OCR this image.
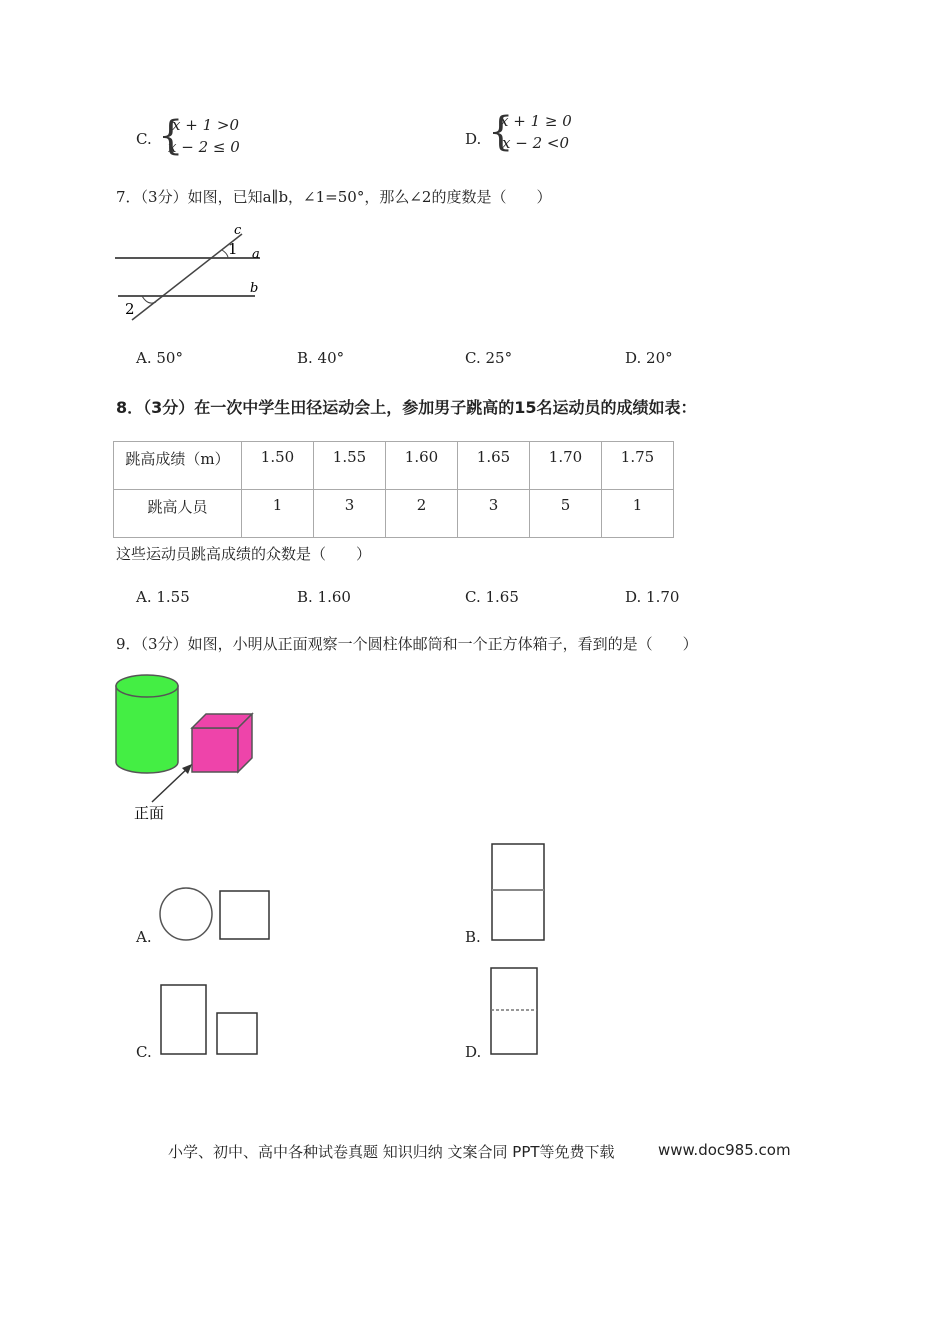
C. {
x + 1 >0
x − 2 ≤ 0	D. {
x + 1 ≥ 0
x − 2 <0
7．（3分）如图，已知a∥b，∠1=50°，那么∠2的度数是（　　）
c
1 a
b
2
A. 50°	B. 40°	C. 25°	D. 20°
8．（3分）在一次中学生田径运动会上，参加男子跳高的15名运动员的成绩如表：
跳高成绩（m）	1.50	1.55	1.60	1.65	1.70	1.75
跳高人员	1	3	2	3	5	1
这些运动员跳高成绩的众数是（　　）
A. 1.55	B. 1.60	C. 1.65	D. 1.70
9．（3分）如图，小明从正面观察一个圆柱体邮筒和一个正方体箱子，看到的是（　　）
正面
A.	B.
C.	D.
小学、初中、高中各种试卷真题 知识归纳 文案合同 PPT等免费下载	www.doc985.com
